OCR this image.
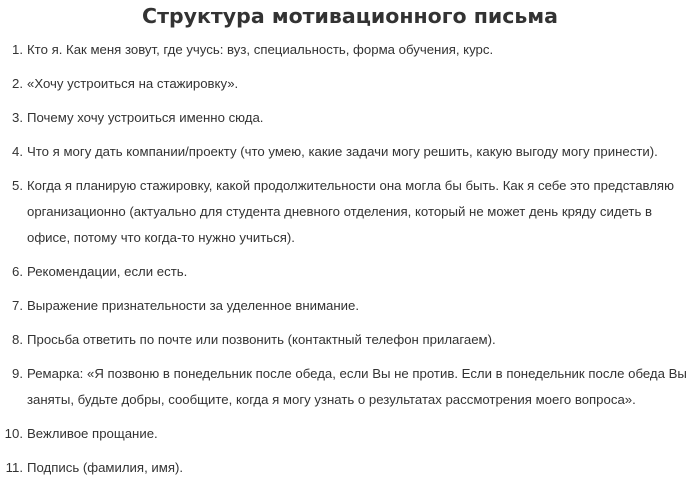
Структура мотивационного письма
1. Кто я. Как меня зовут, где учусь: вуз, специальность, форма обучения, курс.
2. «Хочу устроиться на стажировку».
3. Почему хочу устроиться именно сюда.
4. Что я могу дать компании/проекту (что умею, какие задачи могу решить, какую выгоду могу принести).
5. Когда я планирую стажировку, какой продолжительности она могла бы быть. Как я себе это представляю организационно (актуально для студента дневного отделения, который не может день кряду сидеть в офисе, потому что когда-то нужно учиться).
6. Рекомендации, если есть.
7. Выражение признательности за уделенное внимание.
8. Просьба ответить по почте или позвонить (контактный телефон прилагаем).
9. Ремарка: «Я позвоню в понедельник после обеда, если Вы не против. Если в понедельник после обеда Вы заняты, будьте добры, сообщите, когда я могу узнать о результатах рассмотрения моего вопроса».
10. Вежливое прощание.
11. Подпись (фамилия, имя).
